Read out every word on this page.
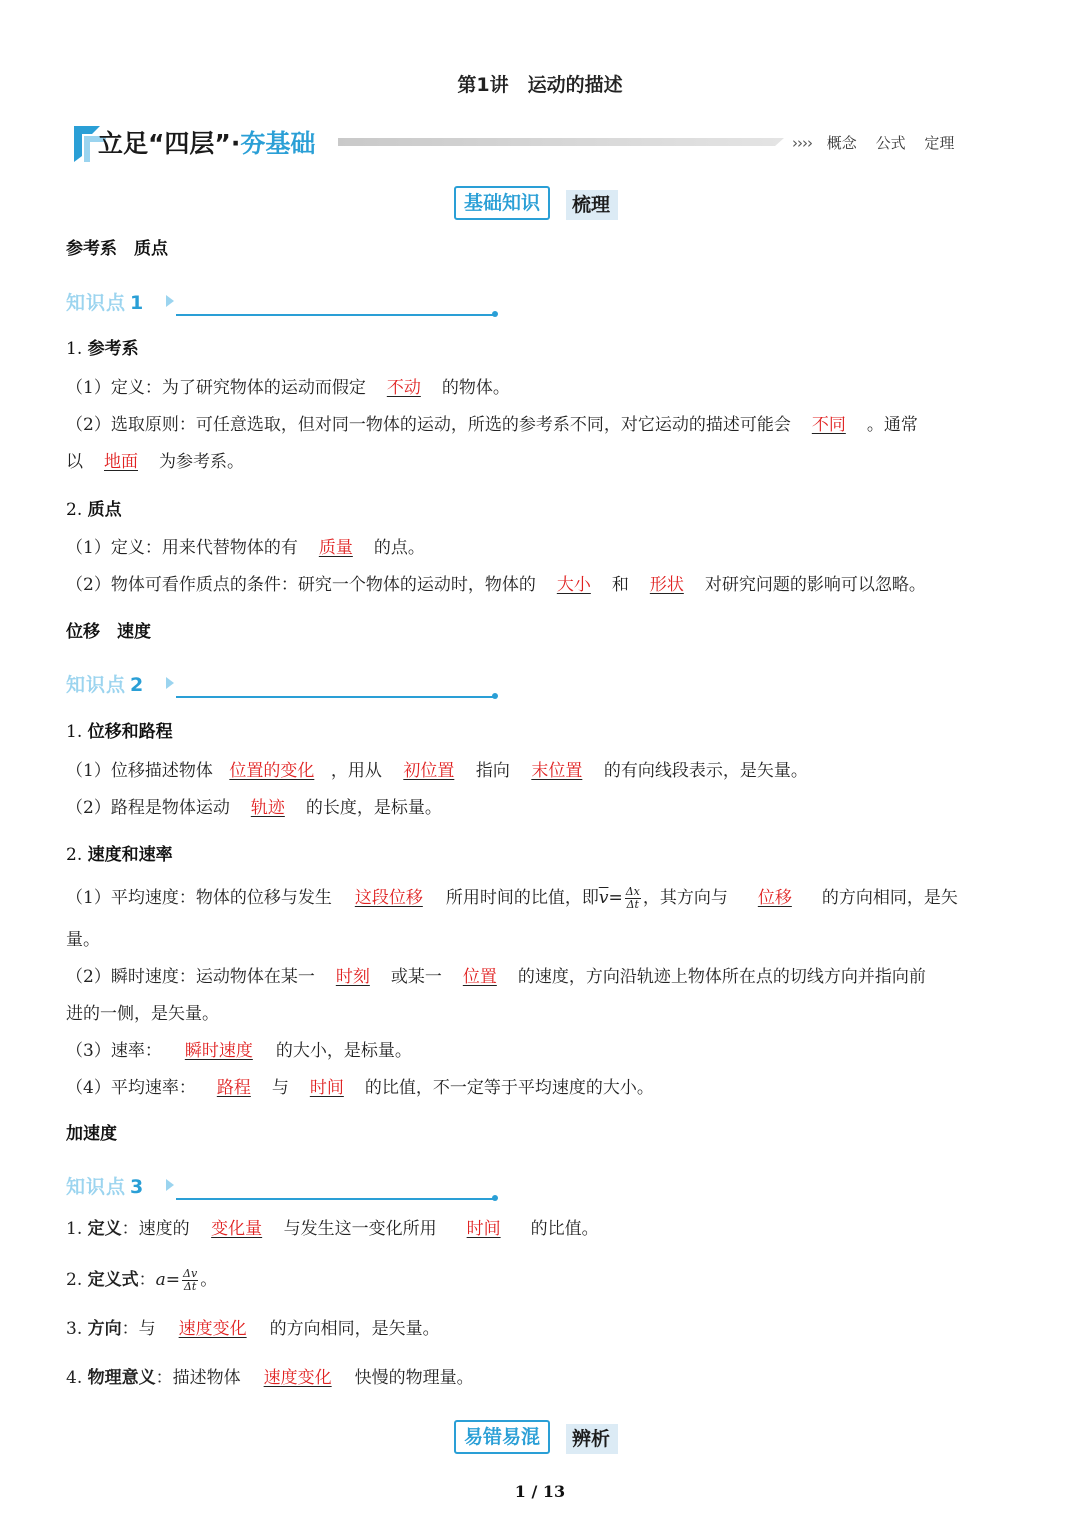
第1讲　运动的描述
立足“四层”·夯基础	›››› 概念 公式 定理
梳理
基础知识
参考系　质点
知识点 1
1. 参考系
（1）定义：为了研究物体的运动而假定 不动 的物体。
（2）选取原则：可任意选取，但对同一物体的运动，所选的参考系不同，对它运动的描述可能会 不同 。通常
以 地面 为参考系。
2. 质点
（1）定义：用来代替物体的有 质量 的点。
（2）物体可看作质点的条件：研究一个物体的运动时，物体的 大小 和 形状 对研究问题的影响可以忽略。
位移　速度
知识点 2
1. 位移和路程
（1）位移描述物体 位置的变化 ，用从 初位置 指向 末位置 的有向线段表示，是矢量。
（2）路程是物体运动 轨迹 的长度，是标量。
2. 速度和速率
（1）平均速度：物体的位移与发生 这段位移 所用时间的比值，即$\overline{v}= \frac{\Delta x}{\Delta t}$ ，其方向与 位移 的方向相同，是矢
量。
（2）瞬时速度：运动物体在某一 时刻 或某一 位置 的速度，方向沿轨迹上物体所在点的切线方向并指向前
进的一侧，是矢量。
（3）速率： 瞬时速度 的大小，是标量。
（4）平均速率： 路程 与 时间 的比值，不一定等于平均速度的大小。
加速度
知识点 3
1. 定义：速度的 变化量 与发生这一变化所用 时间 的比值。
2. 定义式：$a= \frac{\Delta v}{\Delta t}$ 。
3. 方向：与 速度变化 的方向相同，是矢量。
4. 物理意义：描述物体 速度变化 快慢的物理量。
辨析
易错易混
1 / 13
